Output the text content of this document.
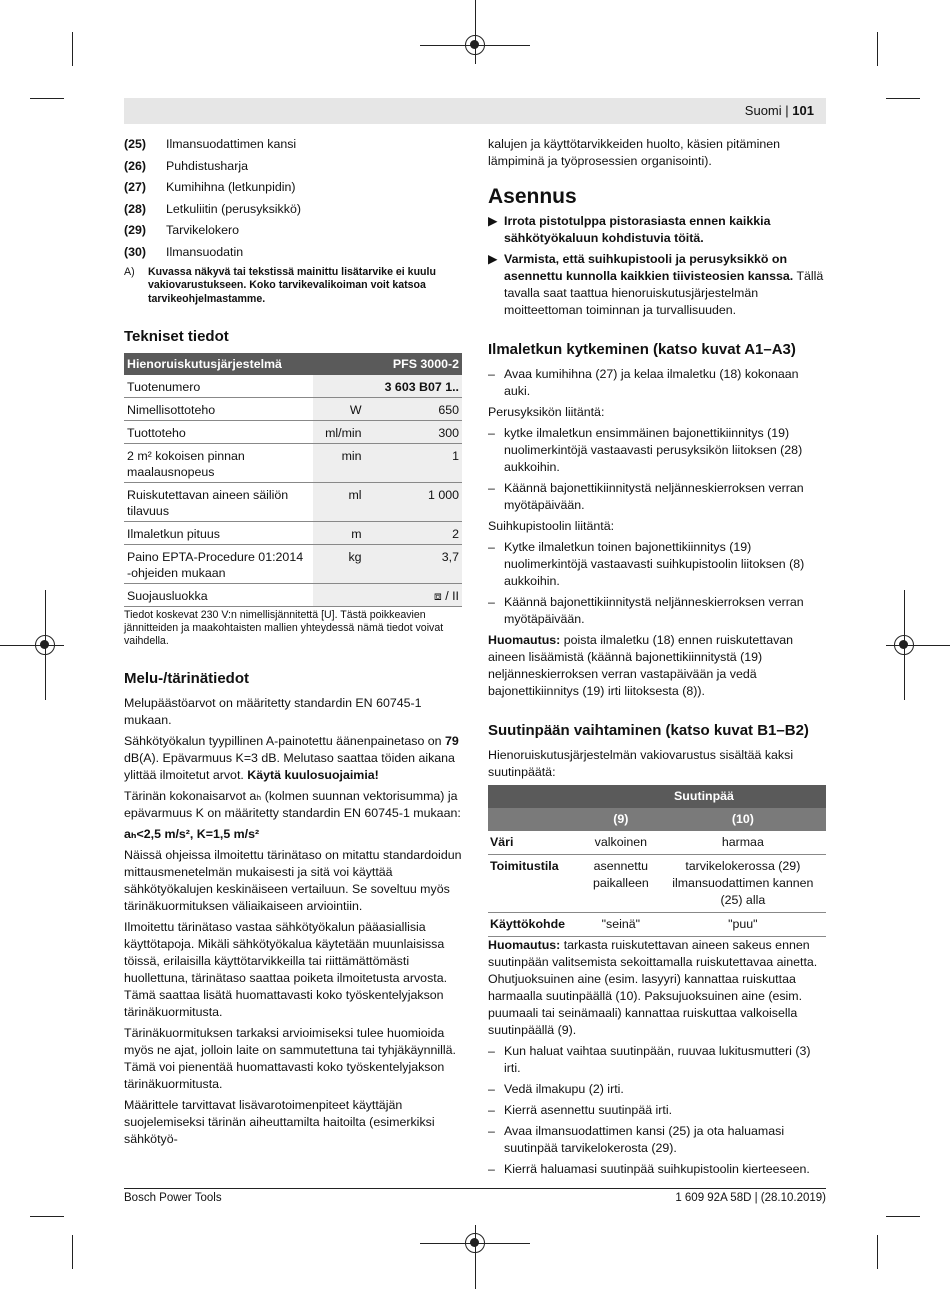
Suomi | 101
(25)	Ilmansuodattimen kansi
(26)	Puhdistusharja
(27)	Kumihihna (letkunpidin)
(28)	Letkuliitin (perusyksikkö)
(29)	Tarvikelokero
(30)	Ilmansuodatin
A)	Kuvassa näkyvä tai tekstissä mainittu lisätarvike ei kuulu vakiovarustukseen. Koko tarvikevalikoiman voit katsoa tarvikeohjelmastamme.
Tekniset tiedot
Hienoruiskutusjärjestelmä		PFS 3000-2
Tuotenumero		3 603 B07 1..
Nimellisottoteho	W	650
Tuottoteho	ml/min	300
2 m² kokoisen pinnan maalausnopeus	min	1
Ruiskutettavan aineen säiliön tilavuus	ml	1 000
Ilmaletkun pituus	m	2
Paino EPTA-Procedure 01:2014 -ohjeiden mukaan	kg	3,7
Suojausluokka		⧈ / II
Tiedot koskevat 230 V:n nimellisjännitettä [U]. Tästä poikkeavien jännitteiden ja maakohtaisten mallien yhteydessä nämä tiedot voivat vaihdella.
Melu-/tärinätiedot

Melupäästöarvot on määritetty standardin EN 60745-1 mukaan.

Sähkötyökalun tyypillinen A-painotettu äänenpainetaso on 79 dB(A). Epävarmuus K=3 dB. Melutaso saattaa töiden aikana ylittää ilmoitetut arvot. Käytä kuulosuojaimia!

Tärinän kokonaisarvot aₕ (kolmen suunnan vektorisumma) ja epävarmuus K on määritetty standardin EN 60745-1 mukaan:

aₕ<2,5 m/s², K=1,5 m/s²

Näissä ohjeissa ilmoitettu tärinätaso on mitattu standardoidun mittausmenetelmän mukaisesti ja sitä voi käyttää sähkötyökalujen keskinäiseen vertailuun. Se soveltuu myös tärinäkuormituksen väliaikaiseen arviointiin.

Ilmoitettu tärinätaso vastaa sähkötyökalun pääasiallisia käyttötapoja. Mikäli sähkötyökalua käytetään muunlaisissa töissä, erilaisilla käyttötarvikkeilla tai riittämättömästi huollettuna, tärinätaso saattaa poiketa ilmoitetusta arvosta. Tämä saattaa lisätä huomattavasti koko työskentelyjakson tärinäkuormitusta.

Tärinäkuormituksen tarkaksi arvioimiseksi tulee huomioida myös ne ajat, jolloin laite on sammutettuna tai tyhjäkäynnillä. Tämä voi pienentää huomattavasti koko työskentelyjakson tärinäkuormitusta.

Määrittele tarvittavat lisävarotoimenpiteet käyttäjän suojelemiseksi tärinän aiheuttamilta haitoilta (esimerkiksi sähkötyö-

kalujen ja käyttötarvikkeiden huolto, käsien pitäminen lämpiminä ja työprosessien organisointi).

Asennus
▶ Irrota pistotulppa pistorasiasta ennen kaikkia sähkötyökaluun kohdistuvia töitä.
▶ Varmista, että suihkupistooli ja perusyksikkö on asennettu kunnolla kaikkien tiivisteosien kanssa. Tällä tavalla saat taattua hienoruiskutusjärjestelmän moitteettoman toiminnan ja turvallisuuden.
Ilmaletkun kytkeminen (katso kuvat A1–A3)
– Avaa kumihihna (27) ja kelaa ilmaletku (18) kokonaan auki.

Perusyksikön liitäntä:

– kytke ilmaletkun ensimmäinen bajonettikiinnitys (19) nuolimerkintöjä vastaavasti perusyksikön liitoksen (28) aukkoihin.
– Käännä bajonettikiinnitystä neljänneskierroksen verran myötäpäivään.

Suihkupistoolin liitäntä:

– Kytke ilmaletkun toinen bajonettikiinnitys (19) nuolimerkintöjä vastaavasti suihkupistoolin liitoksen (8) aukkoihin.
– Käännä bajonettikiinnitystä neljänneskierroksen verran myötäpäivään.

Huomautus: poista ilmaletku (18) ennen ruiskutettavan aineen lisäämistä (käännä bajonettikiinnitystä (19) neljänneskierroksen verran vastapäivään ja vedä bajonettikiinnitys (19) irti liitoksesta (8)).

Suutinpään vaihtaminen (katso kuvat B1–B2)

Hienoruiskutusjärjestelmän vakiovarustus sisältää kaksi suutinpäätä:

	Suutinpää	
	(9)	(10)
Väri	valkoinen	harmaa
Toimitustila	asennettu paikalleen	tarvikelokerossa (29) ilmansuodattimen kannen (25) alla
Käyttökohde	"seinä"	"puu"

Huomautus: tarkasta ruiskutettavan aineen sakeus ennen suutinpään valitsemista sekoittamalla ruiskutettavaa ainetta. Ohutjuoksuinen aine (esim. lasyyri) kannattaa ruiskuttaa harmaalla suutinpäällä (10). Paksujuoksuinen aine (esim. puumaali tai seinämaali) kannattaa ruiskuttaa valkoisella suutinpäällä (9).

– Kun haluat vaihtaa suutinpään, ruuvaa lukitusmutteri (3) irti.
– Vedä ilmakupu (2) irti.
– Kierrä asennettu suutinpää irti.
– Avaa ilmansuodattimen kansi (25) ja ota haluamasi suutinpää tarvikelokerosta (29).
– Kierrä haluamasi suutinpää suihkupistoolin kierteeseen.
Bosch Power Tools	1 609 92A 58D | (28.10.2019)
